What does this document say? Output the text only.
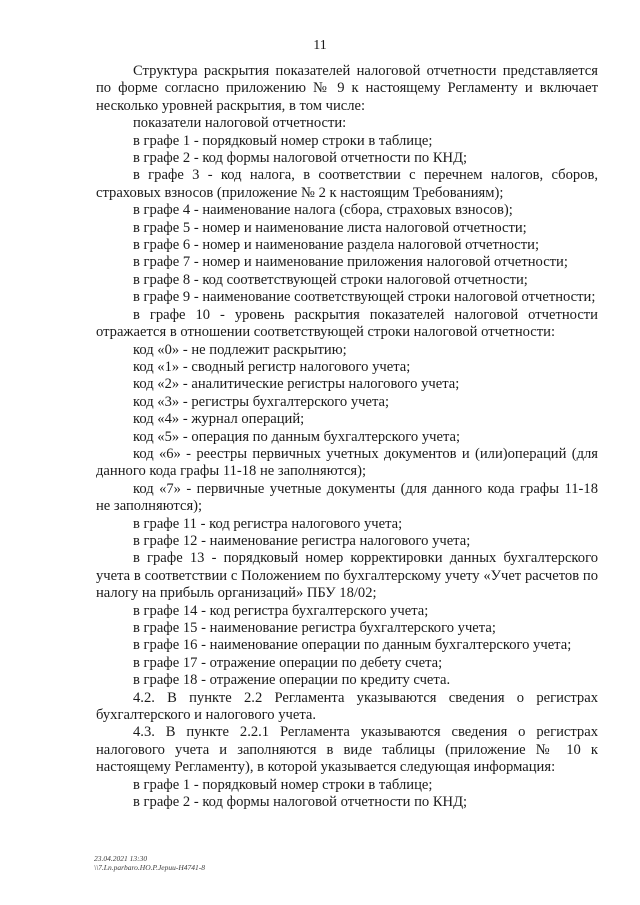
11

Структура раскрытия показателей налоговой отчетности представляется по форме согласно приложению № 9 к настоящему Регламенту и включает несколько уровней раскрытия, в том числе:

показатели налоговой отчетности:

в графе 1 - порядковый номер строки в таблице;

в графе 2 - код формы налоговой отчетности по КНД;

в графе 3 - код налога, в соответствии с перечнем налогов, сборов, страховых взносов (приложение № 2 к настоящим Требованиям);

в графе 4 - наименование налога (сбора, страховых взносов);

в графе 5 - номер и наименование листа налоговой отчетности;

в графе 6 - номер и наименование раздела налоговой отчетности;

в графе 7 - номер и наименование приложения налоговой отчетности;

в графе 8 - код соответствующей строки налоговой отчетности;

в графе 9 - наименование соответствующей строки налоговой отчетности;

в графе 10 - уровень раскрытия показателей налоговой отчетности отражается в отношении соответствующей строки налоговой отчетности:

код «0» - не подлежит раскрытию;

код «1» - сводный регистр налогового учета;

код «2» - аналитические регистры налогового учета;

код «3» - регистры бухгалтерского учета;

код «4» - журнал операций;

код «5» - операция по данным бухгалтерского учета;

код «6» - реестры первичных учетных документов и (или)операций (для данного кода графы 11-18 не заполняются);

код «7» - первичные учетные документы (для данного кода графы 11-18 не заполняются);

в графе 11 - код регистра налогового учета;

в графе 12 - наименование регистра налогового учета;

в графе 13 - порядковый номер корректировки данных бухгалтерского учета в соответствии с Положением по бухгалтерскому учету «Учет расчетов по налогу на прибыль организаций» ПБУ 18/02;

в графе 14 - код регистра бухгалтерского учета;

в графе 15 - наименование регистра бухгалтерского учета;

в графе 16 - наименование операции по данным бухгалтерского учета;

в графе 17 - отражение операции по дебету счета;

в графе 18 - отражение операции по кредиту счета.

4.2. В пункте 2.2 Регламента указываются сведения о регистрах бухгалтерского и налогового учета.

4.3. В пункте 2.2.1 Регламента указываются сведения о регистрах налогового учета и заполняются в виде таблицы (приложение № 10 к настоящему Регламенту), в которой указывается следующая информация:

в графе 1 - порядковый номер строки в таблице;

в графе 2 - код формы налоговой отчетности по КНД;

23.04.2021 13:30
\\7.Ln.parbaro.HO.P.Jepuu-H4741-8
